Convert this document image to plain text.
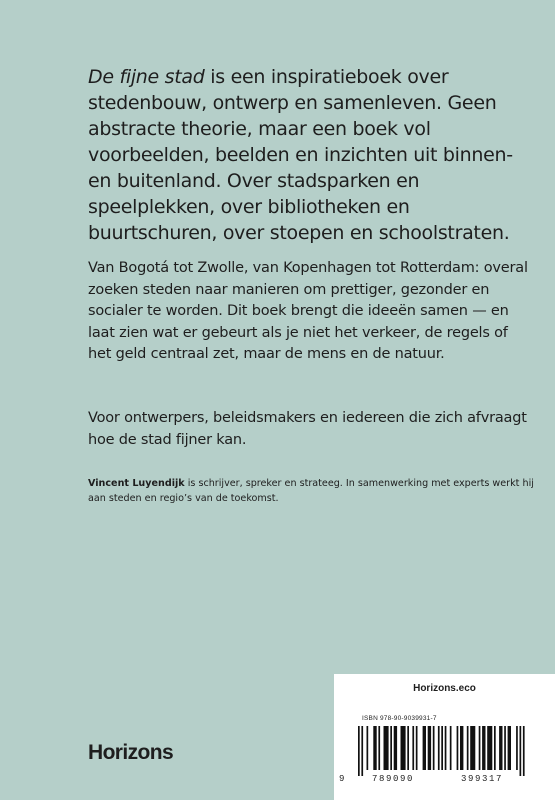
De fijne stad is een inspiratieboek over stedenbouw, ontwerp en samenleven. Geen abstracte theorie, maar een boek vol voorbeelden, beelden en inzichten uit binnen- en buitenland. Over stadsparken en speelplekken, over bibliotheken en buurtschuren, over stoepen en schoolstraten.

Van Bogotá tot Zwolle, van Kopenhagen tot Rotterdam: overal zoeken steden naar manieren om prettiger, gezonder en socialer te worden. Dit boek brengt die ideeën samen — en laat zien wat er gebeurt als je niet het verkeer, de regels of het geld centraal zet, maar de mens en de natuur.

Voor ontwerpers, beleidsmakers en iedereen die zich afvraagt hoe de stad fijner kan.

Vincent Luyendijk is schrijver, spreker en strateeg. In samenwerking met experts werkt hij aan steden en regio’s van de toekomst.

Horizons
Horizons.eco
ISBN 978-90-9039931-7
9	789090	399317
